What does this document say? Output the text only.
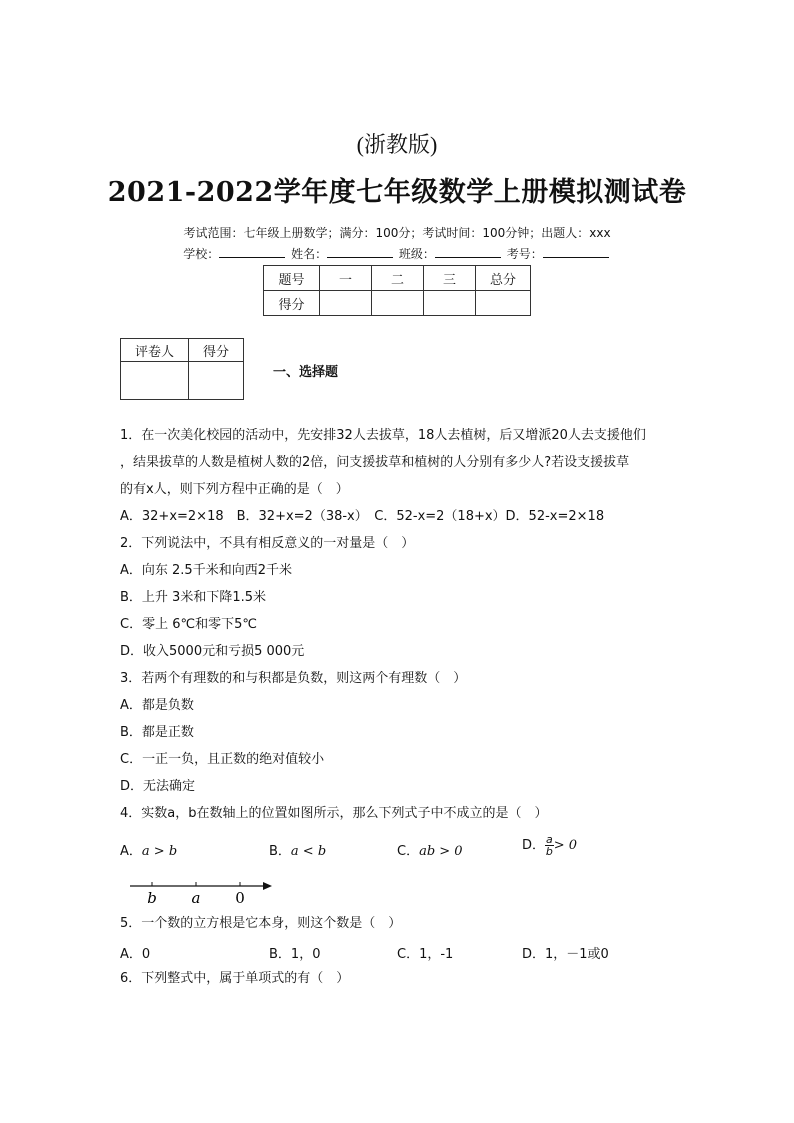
(浙教版)
2021-2022学年度七年级数学上册模拟测试卷
考试范围：七年级上册数学；满分：100分；考试时间：100分钟；出题人：xxx
学校：	姓名：	班级：	考号：
题号	一	二	三	总分
得分				
评卷人	得分

一、选择题
1．在一次美化校园的活动中，先安排32人去拔草，18人去植树，后又增派20人去支援他们
，结果拔草的人数是植树人数的2倍，问支援拔草和植树的人分别有多少人?若设支援拔草
的有x人，则下列方程中正确的是（　）
A．32+x=2×18　B．32+x=2（38-x）　C．52-x=2（18+x）D．52-x=2×18
2．下列说法中，不具有相反意义的一对量是（　）
A．向东 2.5千米和向西2千米
B．上升 3米和下降1.5米
C．零上 6℃和零下5℃
D．收入5000元和亏损5 000元
3．若两个有理数的和与积都是负数，则这两个有理数（　）
A．都是负数
B．都是正数
C．一正一负，且正数的绝对值较小
D．无法确定
4．实数a，b在数轴上的位置如图所示，那么下列式子中不成立的是（　）
A．a > b	B．a < b	C．ab > 0	D． $\frac{a}{b} > 0$
b a 0
5．一个数的立方根是它本身，则这个数是（　）
A．0	B．1，0	C．1，-1	D．1，－1或0
6．下列整式中，属于单项式的有（　）
